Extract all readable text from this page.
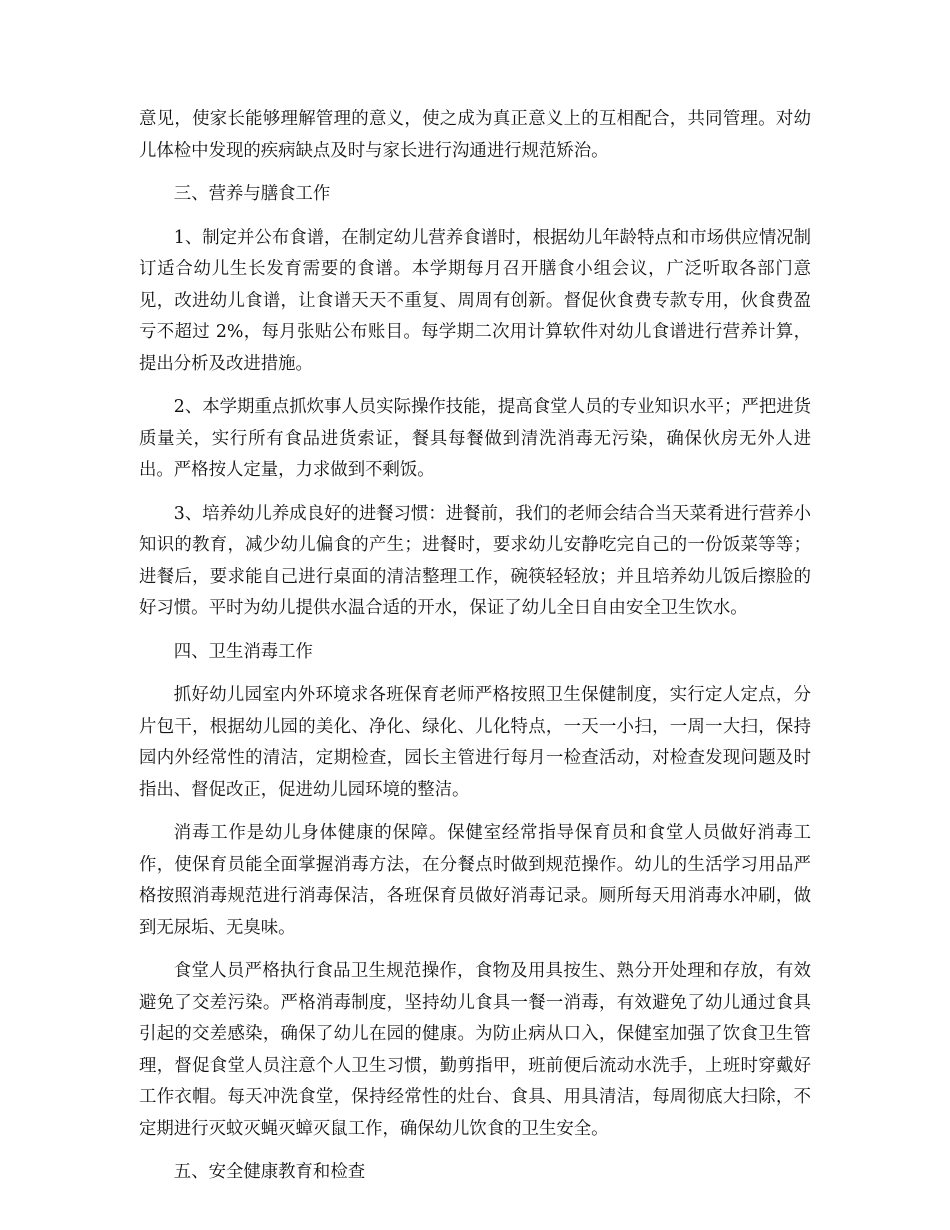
意见，使家长能够理解管理的意义，使之成为真正意义上的互相配合，共同管理。对幼儿体检中发现的疾病缺点及时与家长进行沟通进行规范矫治。

三、营养与膳食工作

1、制定并公布食谱，在制定幼儿营养食谱时，根据幼儿年龄特点和市场供应情况制订适合幼儿生长发育需要的食谱。本学期每月召开膳食小组会议，广泛听取各部门意见，改进幼儿食谱，让食谱天天不重复、周周有创新。督促伙食费专款专用，伙食费盈亏不超过 2%，每月张贴公布账目。每学期二次用计算软件对幼儿食谱进行营养计算，提出分析及改进措施。

2、本学期重点抓炊事人员实际操作技能，提高食堂人员的专业知识水平；严把进货质量关，实行所有食品进货索证，餐具每餐做到清洗消毒无污染，确保伙房无外人进出。严格按人定量，力求做到不剩饭。

3、培养幼儿养成良好的进餐习惯：进餐前，我们的老师会结合当天菜肴进行营养小知识的教育，减少幼儿偏食的产生；进餐时，要求幼儿安静吃完自己的一份饭菜等等；进餐后，要求能自己进行桌面的清洁整理工作，碗筷轻轻放；并且培养幼儿饭后擦脸的好习惯。平时为幼儿提供水温合适的开水，保证了幼儿全日自由安全卫生饮水。

四、卫生消毒工作

抓好幼儿园室内外环境求各班保育老师严格按照卫生保健制度，实行定人定点，分片包干，根据幼儿园的美化、净化、绿化、儿化特点，一天一小扫，一周一大扫，保持园内外经常性的清洁，定期检查，园长主管进行每月一检查活动，对检查发现问题及时指出、督促改正，促进幼儿园环境的整洁。

消毒工作是幼儿身体健康的保障。保健室经常指导保育员和食堂人员做好消毒工作，使保育员能全面掌握消毒方法，在分餐点时做到规范操作。幼儿的生活学习用品严格按照消毒规范进行消毒保洁，各班保育员做好消毒记录。厕所每天用消毒水冲刷，做到无尿垢、无臭味。

食堂人员严格执行食品卫生规范操作，食物及用具按生、熟分开处理和存放，有效避免了交差污染。严格消毒制度，坚持幼儿食具一餐一消毒，有效避免了幼儿通过食具引起的交差感染，确保了幼儿在园的健康。为防止病从口入，保健室加强了饮食卫生管理，督促食堂人员注意个人卫生习惯，勤剪指甲，班前便后流动水洗手，上班时穿戴好工作衣帽。每天冲洗食堂，保持经常性的灶台、食具、用具清洁，每周彻底大扫除，不定期进行灭蚊灭蝇灭蟑灭鼠工作，确保幼儿饮食的卫生安全。

五、安全健康教育和检查
